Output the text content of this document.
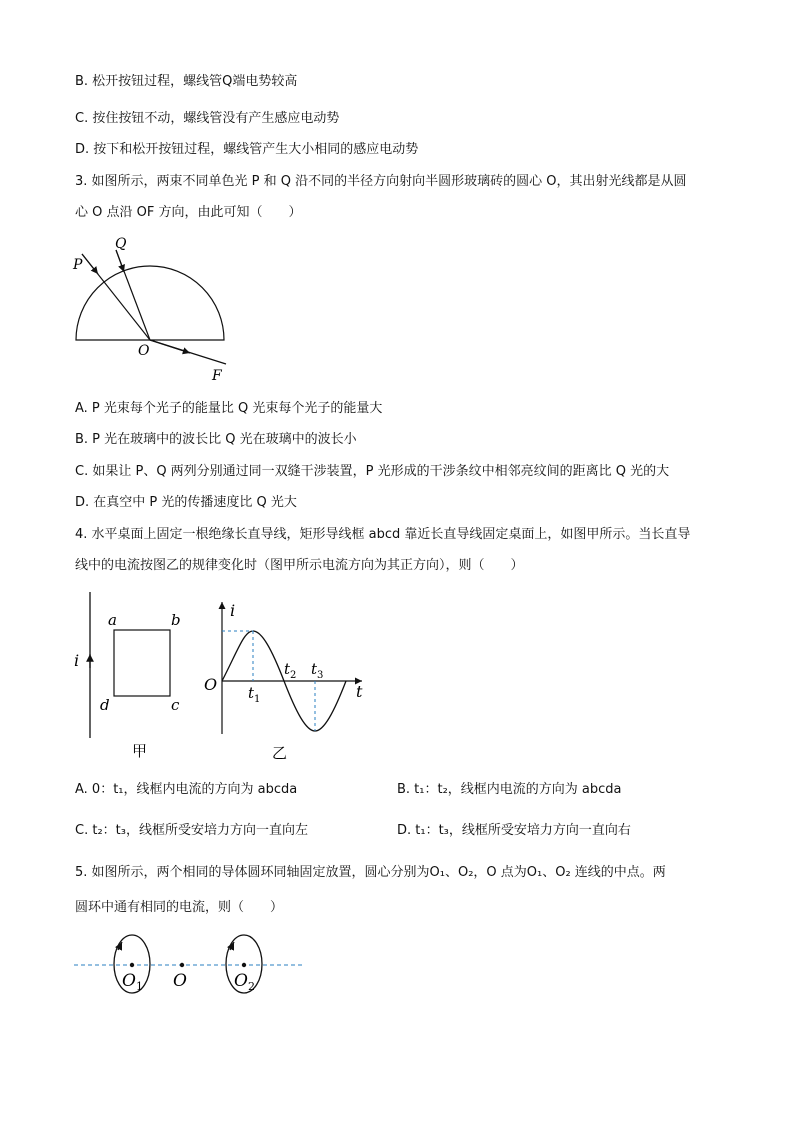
B. 松开按钮过程，螺线管Q端电势较高
C. 按住按钮不动，螺线管没有产生感应电动势
D. 按下和松开按钮过程，螺线管产生大小相同的感应电动势
3. 如图所示，两束不同单色光 P 和 Q 沿不同的半径方向射向半圆形玻璃砖的圆心 O，其出射光线都是从圆
心 O 点沿 OF 方向，由此可知（　　）
P
Q
O
F
A. P 光束每个光子的能量比 Q 光束每个光子的能量大
B. P 光在玻璃中的波长比 Q 光在玻璃中的波长小
C. 如果让 P、Q 两列分别通过同一双缝干涉装置，P 光形成的干涉条纹中相邻亮纹间的距离比 Q 光的大
D. 在真空中 P 光的传播速度比 Q 光大
4. 水平桌面上固定一根绝缘长直导线，矩形导线框 abcd 靠近长直导线固定桌面上，如图甲所示。当长直导
线中的电流按图乙的规律变化时（图甲所示电流方向为其正方向），则（　　）
i
a	b
d	c
甲
i
O	t
$t_1$
$t_2$ $t_3$
乙
A. 0：t₁，线框内电流的方向为 abcda	B. t₁：t₂，线框内电流的方向为 abcda
C. t₂：t₃，线框所受安培力方向一直向左	D. t₁：t₃，线框所受安培力方向一直向右
5. 如图所示，两个相同的导体圆环同轴固定放置，圆心分别为O₁、O₂，O 点为O₁、O₂ 连线的中点。两
圆环中通有相同的电流，则（　　）
$O_1$ O	$O_2$
